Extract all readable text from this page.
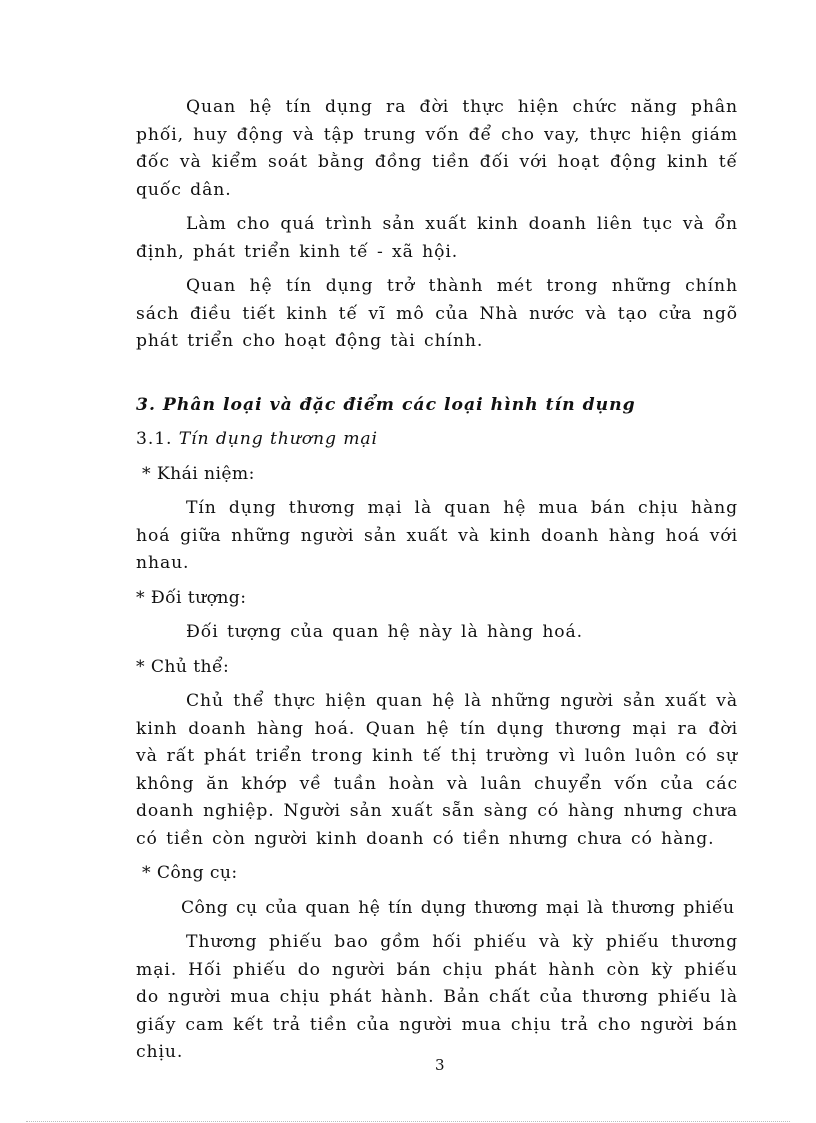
Quan hệ tín dụng ra đời thực hiện chức năng phân phối, huy động và tập trung vốn để cho vay, thực hiện giám đốc và kiểm soát bằng đồng tiền đối với hoạt động kinh tế quốc dân.

Làm cho quá trình sản xuất kinh doanh liên tục và ổn định, phát triển kinh tế - xã hội.

Quan hệ tín dụng trở thành mét trong những chính sách điều tiết kinh tế vĩ mô của Nhà nước và tạo cửa ngõ phát triển cho hoạt động tài chính.

3. Phân loại và đặc điểm các loại hình tín dụng
3.1. Tín dụng thương mại
* Khái niệm:

Tín dụng thương mại là quan hệ mua bán chịu hàng hoá giữa những người sản xuất và kinh doanh hàng hoá với nhau.

* Đối tượng:

Đối tượng của quan hệ này là hàng hoá.

* Chủ thể:

Chủ thể thực hiện quan hệ là những người sản xuất và kinh doanh hàng hoá. Quan hệ tín dụng thương mại ra đời và rất phát triển trong kinh tế thị trường vì luôn luôn có sự không ăn khớp về tuần hoàn và luân chuyển vốn của các doanh nghiệp. Người sản xuất sẵn sàng có hàng nhưng chưa có tiền còn người kinh doanh có tiền nhưng chưa có hàng.

* Công cụ:

Công cụ của quan hệ tín dụng thương mại là thương phiếu

Thương phiếu bao gồm hối phiếu và kỳ phiếu thương mại. Hối phiếu do người bán chịu phát hành còn kỳ phiếu do người mua chịu phát hành. Bản chất của thương phiếu là giấy cam kết trả tiền của người mua chịu trả cho người bán chịu.

3
